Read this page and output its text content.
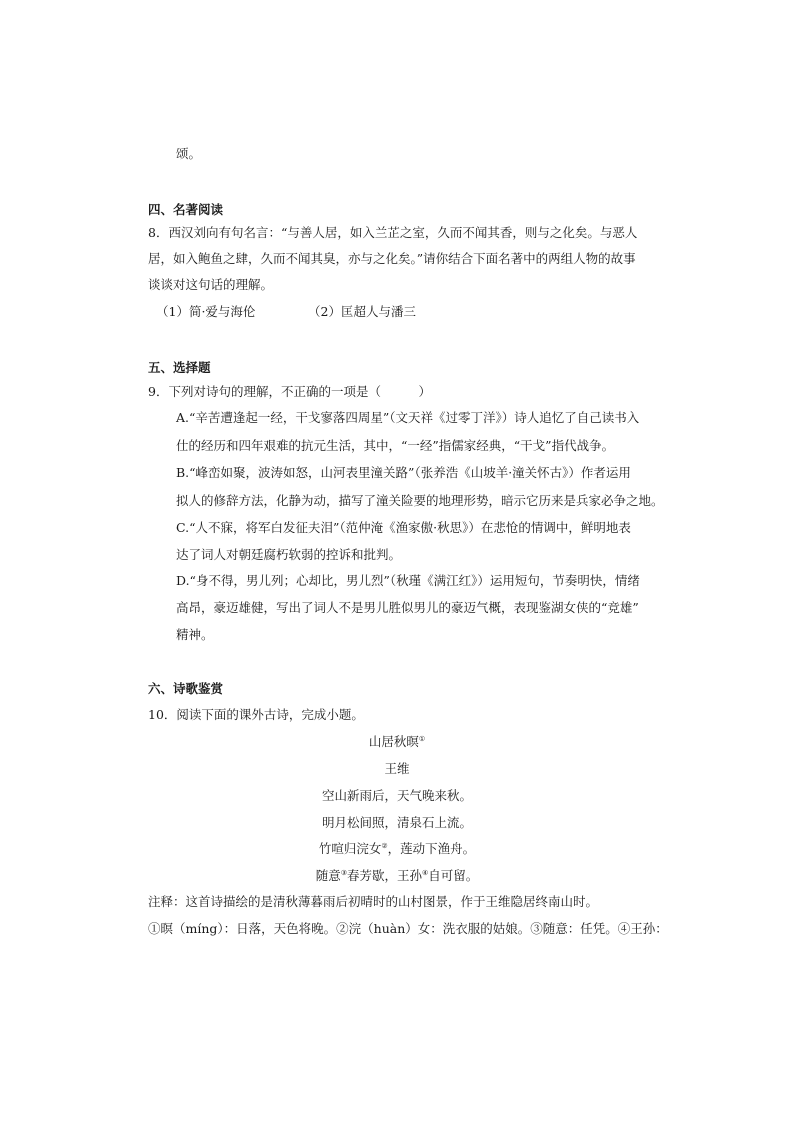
颂。
四、名著阅读
8．西汉刘向有句名言：“与善人居，如入兰芷之室，久而不闻其香，则与之化矣。与恶人
居，如入鲍鱼之肆，久而不闻其臭，亦与之化矣。”请你结合下面名著中的两组人物的故事
谈谈对这句话的理解。
（1）简·爱与海伦	（2）匡超人与潘三
五、选择题
9．下列对诗句的理解，不正确的一项是（　　　）
A.“辛苦遭逢起一经，干戈寥落四周星”（文天祥《过零丁洋》）诗人追忆了自己读书入
仕的经历和四年艰难的抗元生活，其中，“一经”指儒家经典，“干戈”指代战争。
B.“峰峦如聚，波涛如怒，山河表里潼关路”（张养浩《山坡羊·潼关怀古》）作者运用
拟人的修辞方法，化静为动，描写了潼关险要的地理形势，暗示它历来是兵家必争之地。
C.“人不寐，将军白发征夫泪”（范仲淹《渔家傲·秋思》）在悲怆的情调中，鲜明地表
达了词人对朝廷腐朽软弱的控诉和批判。
D.“身不得，男儿列；心却比，男儿烈”（秋瑾《满江红》）运用短句，节奏明快，情绪
高昂，豪迈雄健，写出了词人不是男儿胜似男儿的豪迈气概，表现鉴湖女侠的“竞雄”
精神。
六、诗歌鉴赏
10．阅读下面的课外古诗，完成小题。
山居秋暝①
王维
空山新雨后，天气晚来秋。
明月松间照，清泉石上流。
竹喧归浣女②，莲动下渔舟。
随意③春芳歇，王孙④自可留。
注释：这首诗描绘的是清秋薄暮雨后初晴时的山村图景，作于王维隐居终南山时。
①暝（míng）：日落，天色将晚。②浣（huàn）女：洗衣服的姑娘。③随意：任凭。④王孙：
